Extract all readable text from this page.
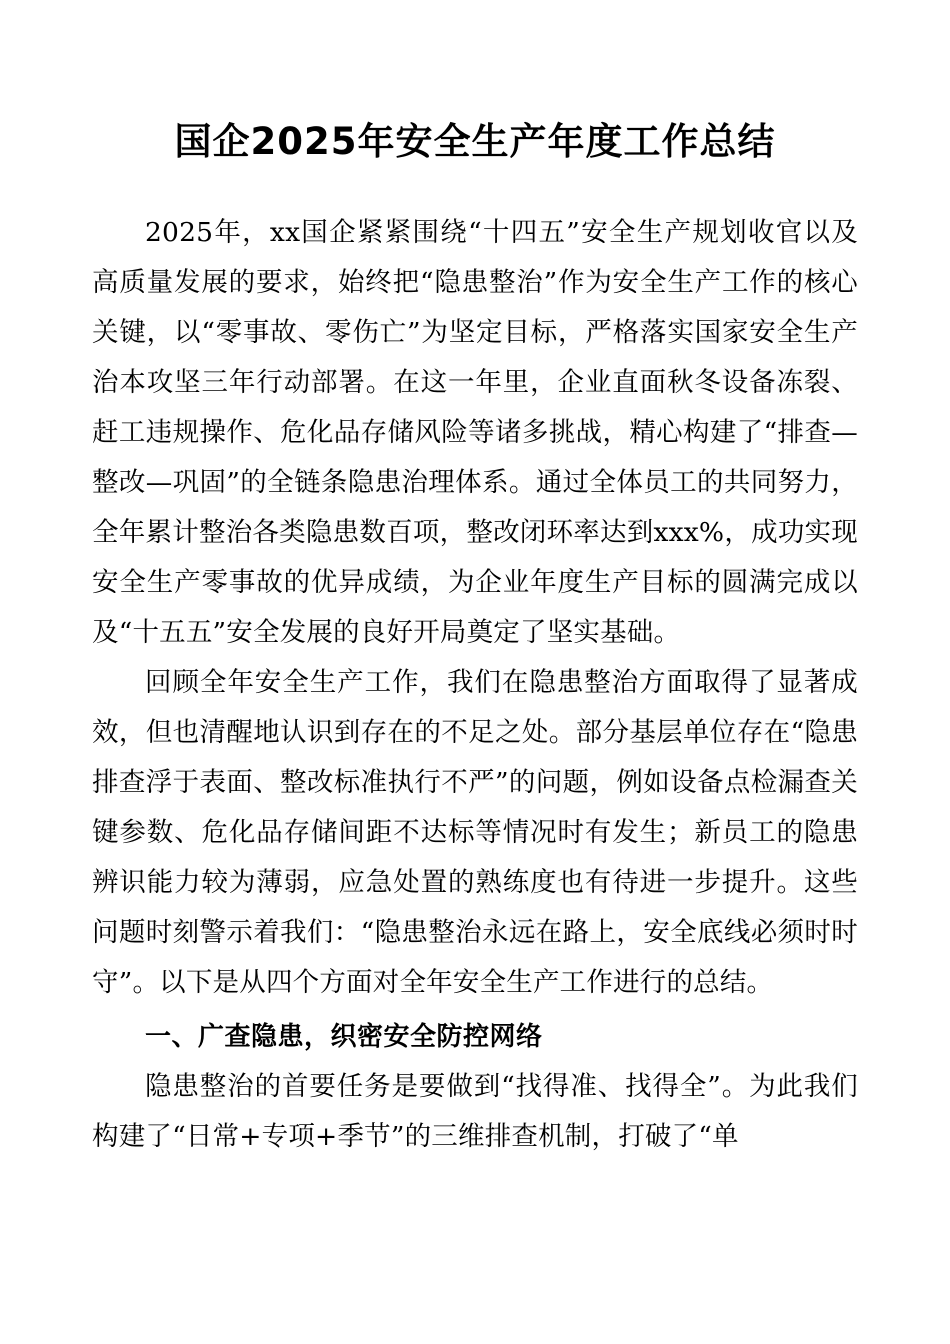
国企2025年安全生产年度工作总结

2025年，xx国企紧紧围绕“十四五”安全生产规划收官以及高质量发展的要求，始终把“隐患整治”作为安全生产工作的核心关键，以“零事故、零伤亡”为坚定目标，严格落实国家安全生产治本攻坚三年行动部署。在这一年里，企业直面秋冬设备冻裂、赶工违规操作、危化品存储风险等诸多挑战，精心构建了“排查—整改—巩固”的全链条隐患治理体系。通过全体员工的共同努力，全年累计整治各类隐患数百项，整改闭环率达到xxx%，成功实现安全生产零事故的优异成绩，为企业年度生产目标的圆满完成以及“十五五”安全发展的良好开局奠定了坚实基础。

回顾全年安全生产工作，我们在隐患整治方面取得了显著成效，但也清醒地认识到存在的不足之处。部分基层单位存在“隐患排查浮于表面、整改标准执行不严”的问题，例如设备点检漏查关键参数、危化品存储间距不达标等情况时有发生；新员工的隐患辨识能力较为薄弱，应急处置的熟练度也有待进一步提升。这些问题时刻警示着我们：“隐患整治永远在路上，安全底线必须时时守”。以下是从四个方面对全年安全生产工作进行的总结。

一、广查隐患，织密安全防控网络

隐患整治的首要任务是要做到“找得准、找得全”。为此我们构建了“日常+专项+季节”的三维排查机制，打破了“单
